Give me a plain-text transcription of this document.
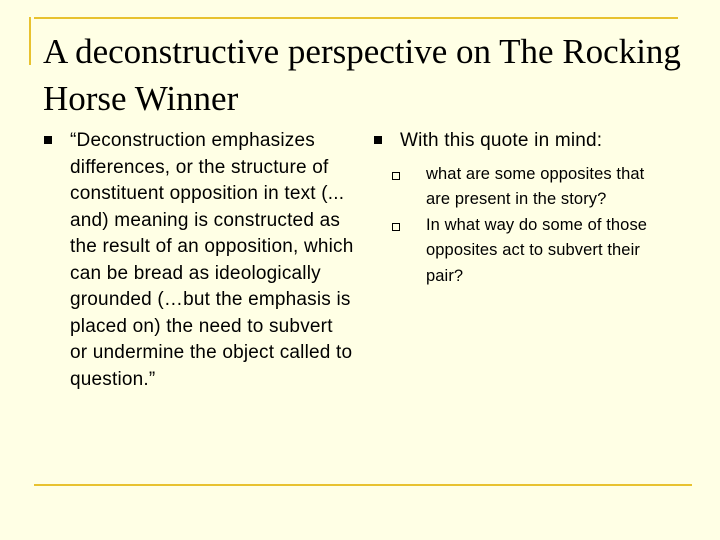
A deconstructive perspective on The Rocking Horse Winner
“Deconstruction emphasizes differences, or the structure of constituent opposition in text (... and) meaning is constructed as the result of an opposition, which can be bread as ideologically grounded (…but the emphasis is placed on) the need to subvert or undermine the object called to question.”
With this quote in mind:
what are some opposites that are present in the story?
In what way do some of those opposites act to subvert their pair?
